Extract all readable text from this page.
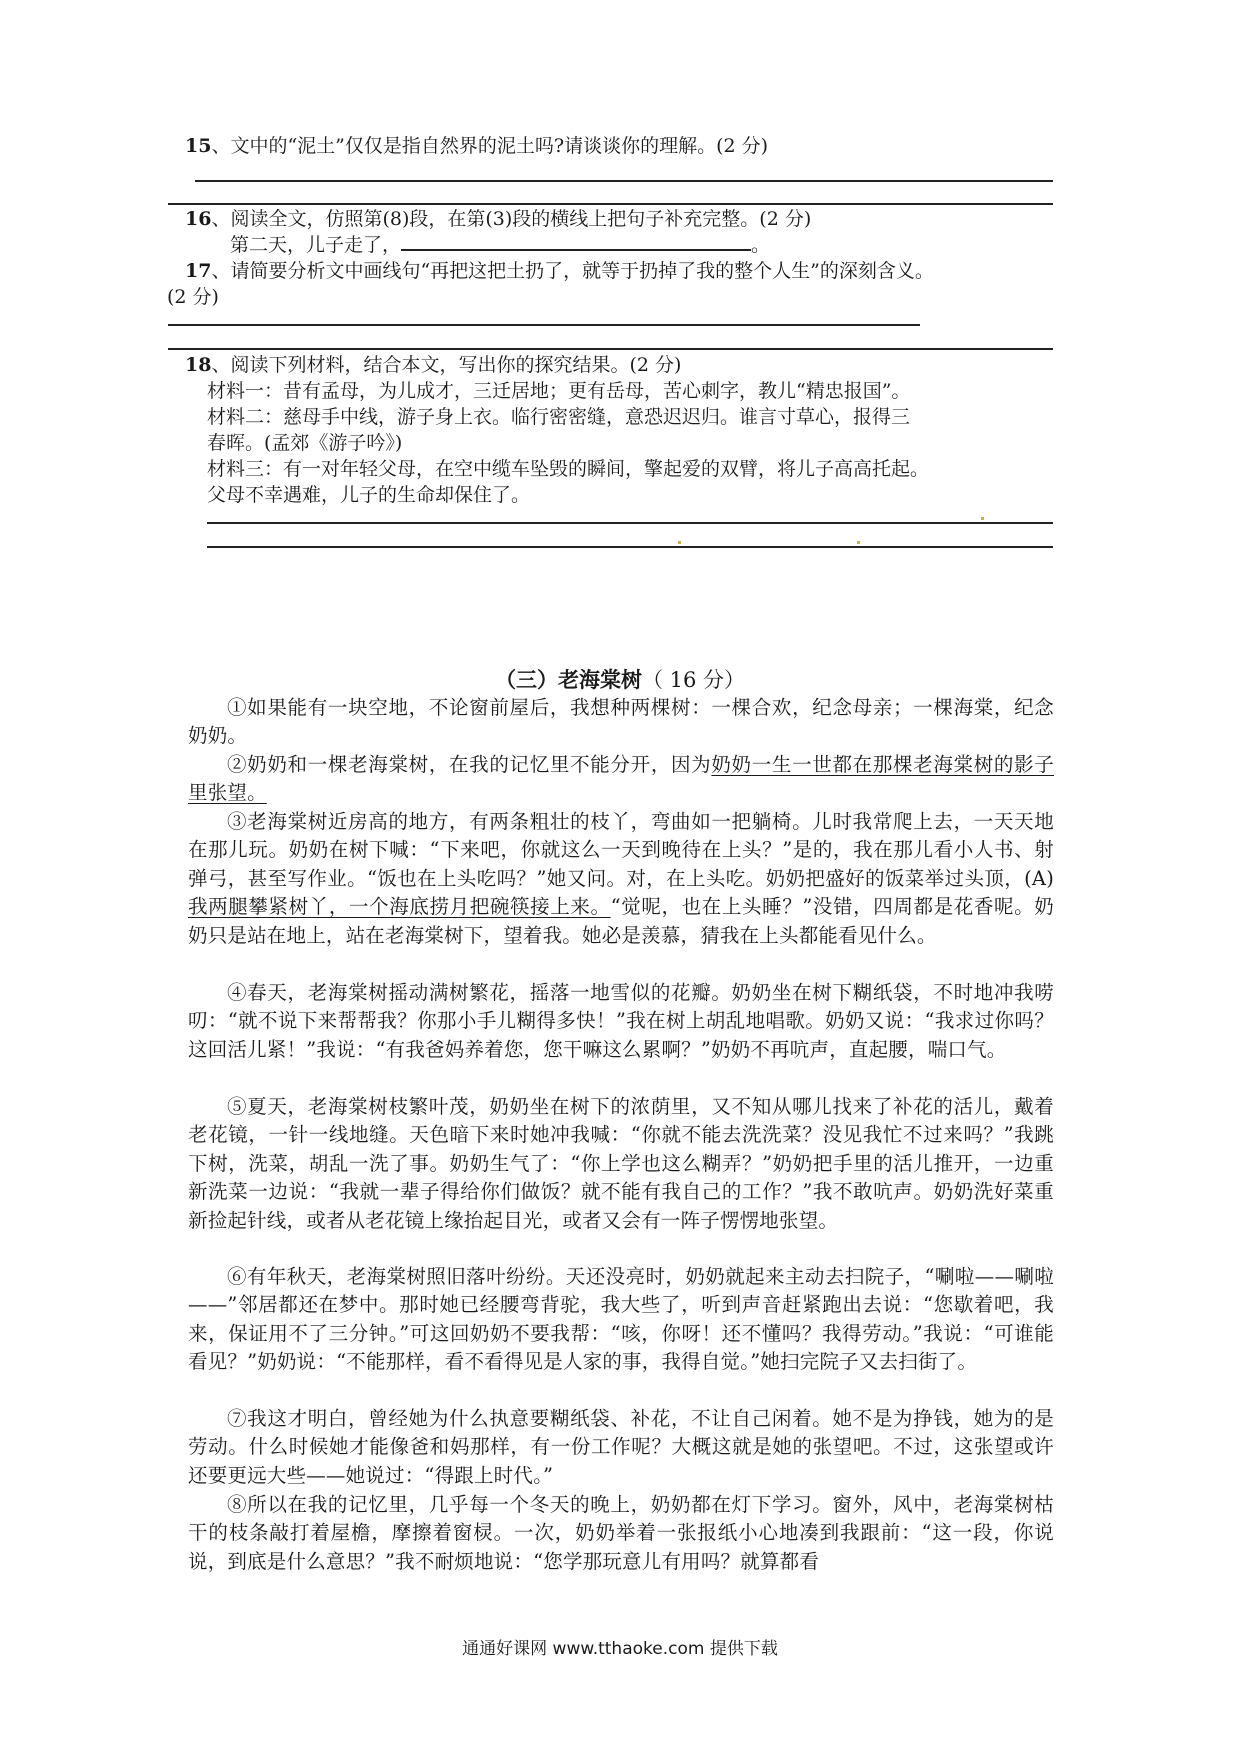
15、文中的“泥土”仅仅是指自然界的泥土吗?请谈谈你的理解。(2 分)
16、阅读全文，仿照第(8)段，在第(3)段的横线上把句子补充完整。(2 分)
第二天，儿子走了，	。
17、请简要分析文中画线句“再把这把土扔了，就等于扔掉了我的整个人生”的深刻含义。
(2 分)
18、阅读下列材料，结合本文，写出你的探究结果。(2 分)
材料一：昔有孟母，为儿成才，三迁居地；更有岳母，苦心刺字，教儿“精忠报国”。
材料二：慈母手中线，游子身上衣。临行密密缝，意恐迟迟归。谁言寸草心，报得三
春晖。(孟郊《游子吟》)
材料三：有一对年轻父母，在空中缆车坠毁的瞬间，擎起爱的双臂，将儿子高高托起。
父母不幸遇难，儿子的生命却保住了。
（三）老海棠树（ 16 分）
①如果能有一块空地，不论窗前屋后，我想种两棵树：一棵合欢，纪念母亲；一棵海棠，纪念奶奶。
②奶奶和一棵老海棠树，在我的记忆里不能分开，因为奶奶一生一世都在那棵老海棠树的影子里张望。
③老海棠树近房高的地方，有两条粗壮的枝丫，弯曲如一把躺椅。儿时我常爬上去，一天天地在那儿玩。奶奶在树下喊：“下来吧，你就这么一天到晚待在上头？”是的，我在那儿看小人书、射弹弓，甚至写作业。“饭也在上头吃吗？”她又问。对，在上头吃。奶奶把盛好的饭菜举过头顶，(A) 我两腿攀紧树丫，一个海底捞月把碗筷接上来。“觉呢，也在上头睡？”没错，四周都是花香呢。奶奶只是站在地上，站在老海棠树下，望着我。她必是羡慕，猜我在上头都能看见什么。
④春天，老海棠树摇动满树繁花，摇落一地雪似的花瓣。奶奶坐在树下糊纸袋，不时地冲我唠叨：“就不说下来帮帮我？你那小手儿糊得多快！”我在树上胡乱地唱歌。奶奶又说：“我求过你吗？这回活儿紧！”我说：“有我爸妈养着您，您干嘛这么累啊？”奶奶不再吭声，直起腰，喘口气。
⑤夏天，老海棠树枝繁叶茂，奶奶坐在树下的浓荫里，又不知从哪儿找来了补花的活儿，戴着老花镜，一针一线地缝。天色暗下来时她冲我喊：“你就不能去洗洗菜？没见我忙不过来吗？”我跳下树，洗菜，胡乱一洗了事。奶奶生气了：“你上学也这么糊弄？”奶奶把手里的活儿推开，一边重新洗菜一边说：“我就一辈子得给你们做饭？就不能有我自己的工作？”我不敢吭声。奶奶洗好菜重新捡起针线，或者从老花镜上缘抬起目光，或者又会有一阵子愣愣地张望。
⑥有年秋天，老海棠树照旧落叶纷纷。天还没亮时，奶奶就起来主动去扫院子，“唰啦——唰啦——”邻居都还在梦中。那时她已经腰弯背驼，我大些了，听到声音赶紧跑出去说：“您歇着吧，我来，保证用不了三分钟。”可这回奶奶不要我帮：“咳，你呀！还不懂吗？我得劳动。”我说：“可谁能看见？”奶奶说：“不能那样，看不看得见是人家的事，我得自觉。”她扫完院子又去扫街了。
⑦我这才明白，曾经她为什么执意要糊纸袋、补花，不让自己闲着。她不是为挣钱，她为的是劳动。什么时候她才能像爸和妈那样，有一份工作呢？大概这就是她的张望吧。不过，这张望或许还要更远大些——她说过：“得跟上时代。”
⑧所以在我的记忆里，几乎每一个冬天的晚上，奶奶都在灯下学习。窗外，风中，老海棠树枯干的枝条敲打着屋檐，摩擦着窗棂。一次，奶奶举着一张报纸小心地凑到我跟前：“这一段，你说说，到底是什么意思？”我不耐烦地说：“您学那玩意儿有用吗？就算都看
通通好课网 www.tthaoke.com 提供下载
